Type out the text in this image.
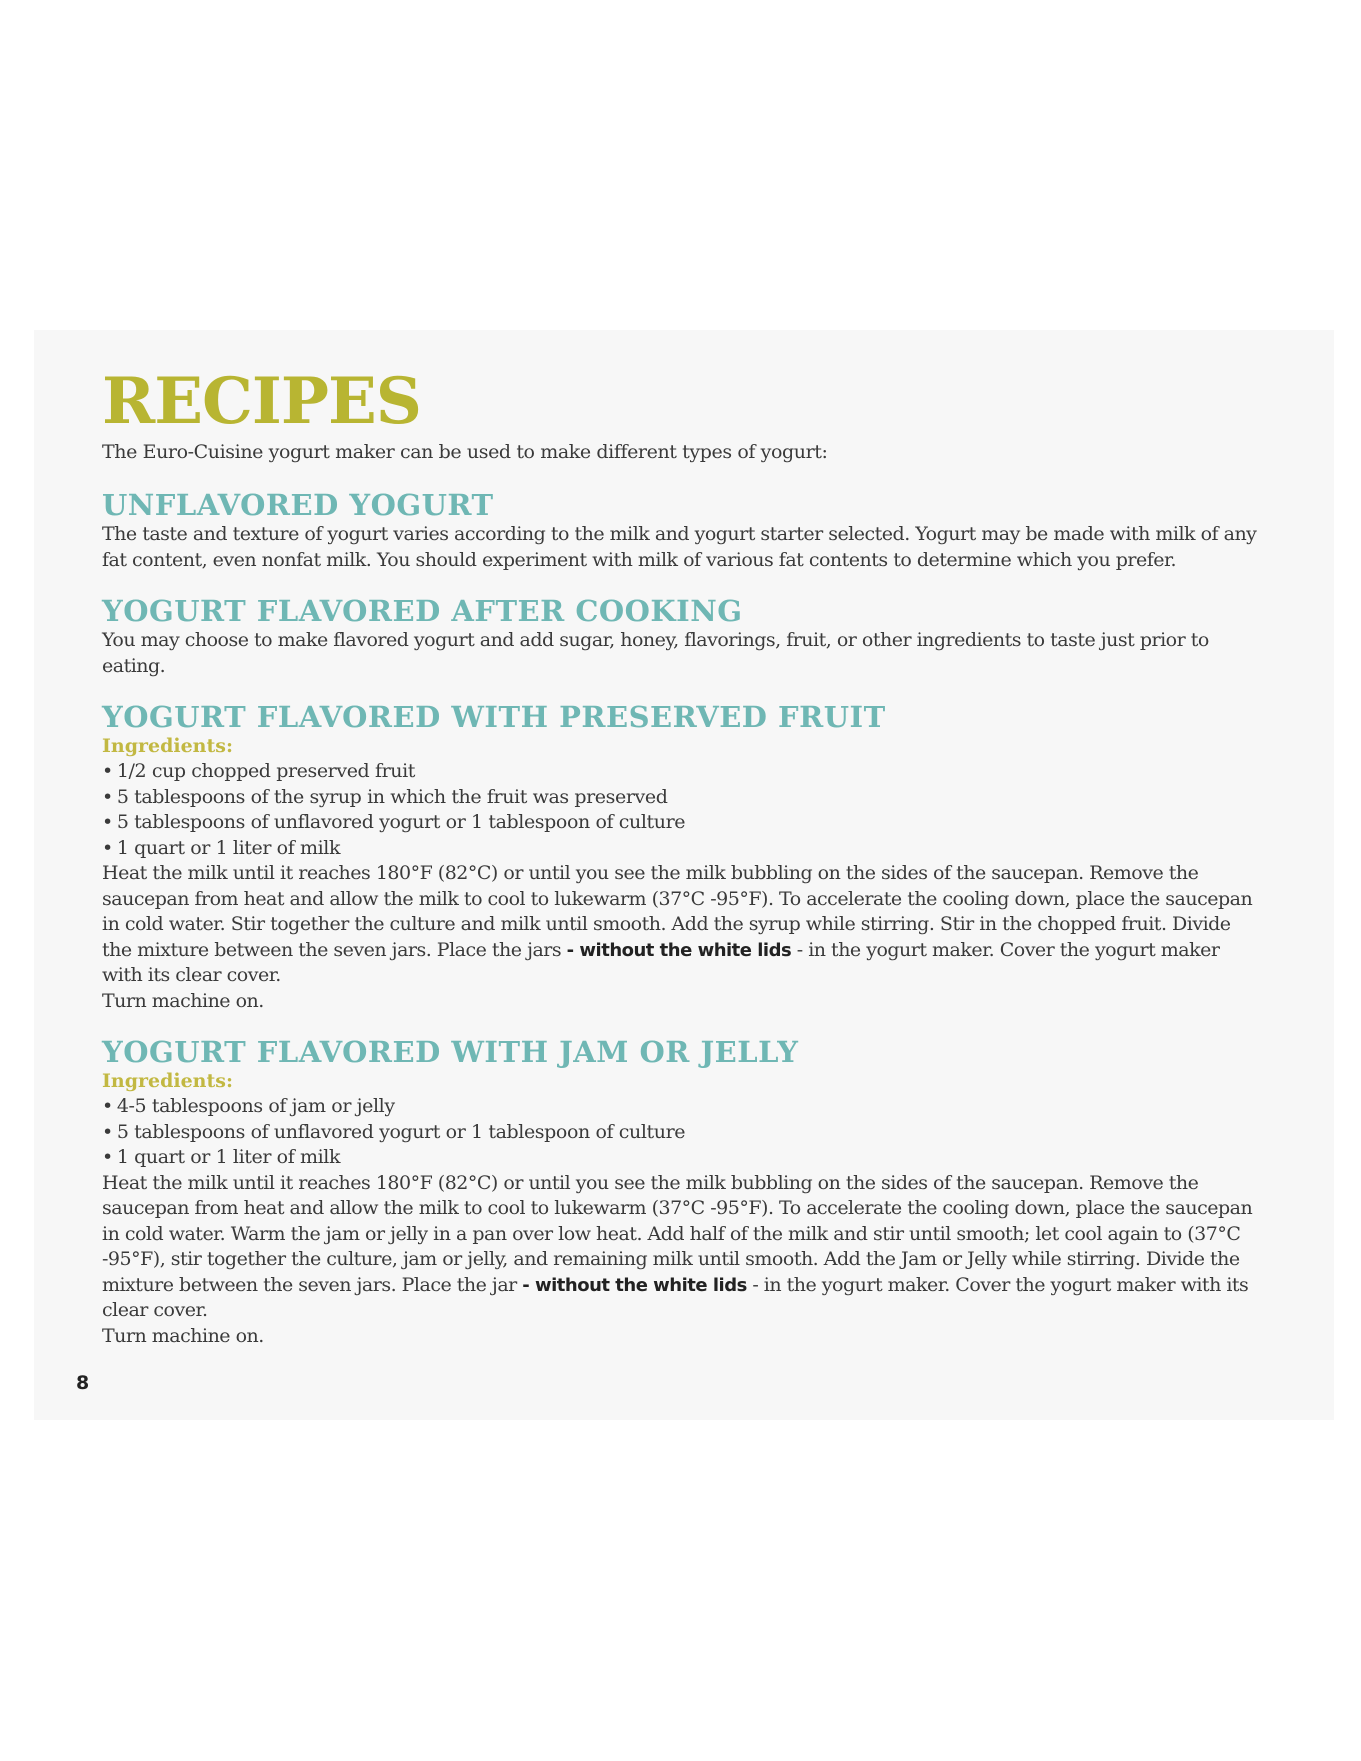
RECIPES

The Euro-Cuisine yogurt maker can be used to make different types of yogurt:

UNFLAVORED YOGURT

The taste and texture of yogurt varies according to the milk and yogurt starter selected. Yogurt may be made with milk of any fat content, even nonfat milk. You should experiment with milk of various fat contents to determine which you prefer.

YOGURT FLAVORED AFTER COOKING

You may choose to make flavored yogurt and add sugar, honey, flavorings, fruit, or other ingredients to taste just prior to eating.

YOGURT FLAVORED WITH PRESERVED FRUIT
Ingredients:
• 1/2 cup chopped preserved fruit
• 5 tablespoons of the syrup in which the fruit was preserved
• 5 tablespoons of unflavored yogurt or 1 tablespoon of culture
• 1 quart or 1 liter of milk

Heat the milk until it reaches 180°F (82°C) or until you see the milk bubbling on the sides of the saucepan. Remove the saucepan from heat and allow the milk to cool to lukewarm (37°C -95°F). To accelerate the cooling down, place the saucepan in cold water. Stir together the culture and milk until smooth. Add the syrup while stirring. Stir in the chopped fruit. Divide the mixture between the seven jars. Place the jars - without the white lids - in the yogurt maker. Cover the yogurt maker with its clear cover.

Turn machine on.

YOGURT FLAVORED WITH JAM OR JELLY
Ingredients:
• 4-5 tablespoons of jam or jelly
• 5 tablespoons of unflavored yogurt or 1 tablespoon of culture
• 1 quart or 1 liter of milk

Heat the milk until it reaches 180°F (82°C) or until you see the milk bubbling on the sides of the saucepan. Remove the saucepan from heat and allow the milk to cool to lukewarm (37°C -95°F). To accelerate the cooling down, place the saucepan in cold water. Warm the jam or jelly in a pan over low heat. Add half of the milk and stir until smooth; let cool again to (37°C -95°F), stir together the culture, jam or jelly, and remaining milk until smooth. Add the Jam or Jelly while stirring. Divide the mixture between the seven jars. Place the jar - without the white lids - in the yogurt maker. Cover the yogurt maker with its clear cover.

Turn machine on.

8
